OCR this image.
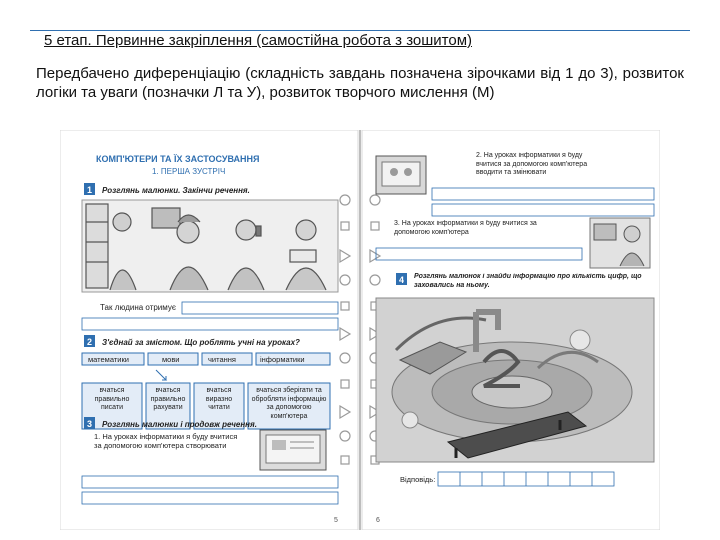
5 етап. Первинне закріплення (самостійна робота з зошитом)
Передбачено диференціацію (складність завдань позначена зірочками від 1 до 3), розвиток логіки та уваги (позначки Л та У), розвиток творчого мислення (М)
КОМП'ЮТЕРИ ТА ЇХ ЗАСТОСУВАННЯ
1. ПЕРША ЗУСТРІЧ
1 Розглянь малюнки. Закінчи речення.
Так людина отримує
2 З'єднай за змістом. Що роблять учні на уроках?
математики	мови	читання	інформатики
вчаться правильно писати
вчаться правильно рахувати
вчаться виразно читати
вчаться зберігати та обробляти інформацію за допомогою комп'ютера
3 Розглянь малюнки і продовж речення.
1. На уроках інформатики я буду вчитися за допомогою комп'ютера створювати
5
2. На уроках інформатики я буду вчитися за допомогою комп'ютера вводити та змінювати
3. На уроках інформатики я буду вчитися за допомогою комп'ютера
4 Розглянь малюнок і знайди інформацію про кількість цифр, що заховались на ньому.
Відповідь:
6
